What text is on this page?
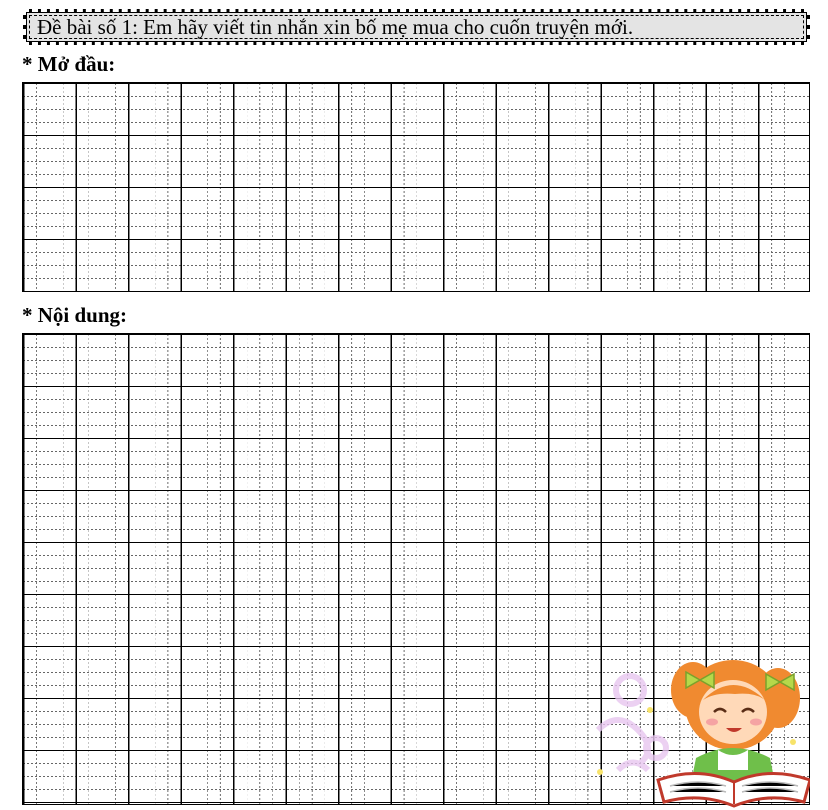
Đề bài số 1: Em hãy viết tin nhắn xin bố mẹ mua cho cuốn truyện mới.
* Mở đầu:
* Nội dung:
